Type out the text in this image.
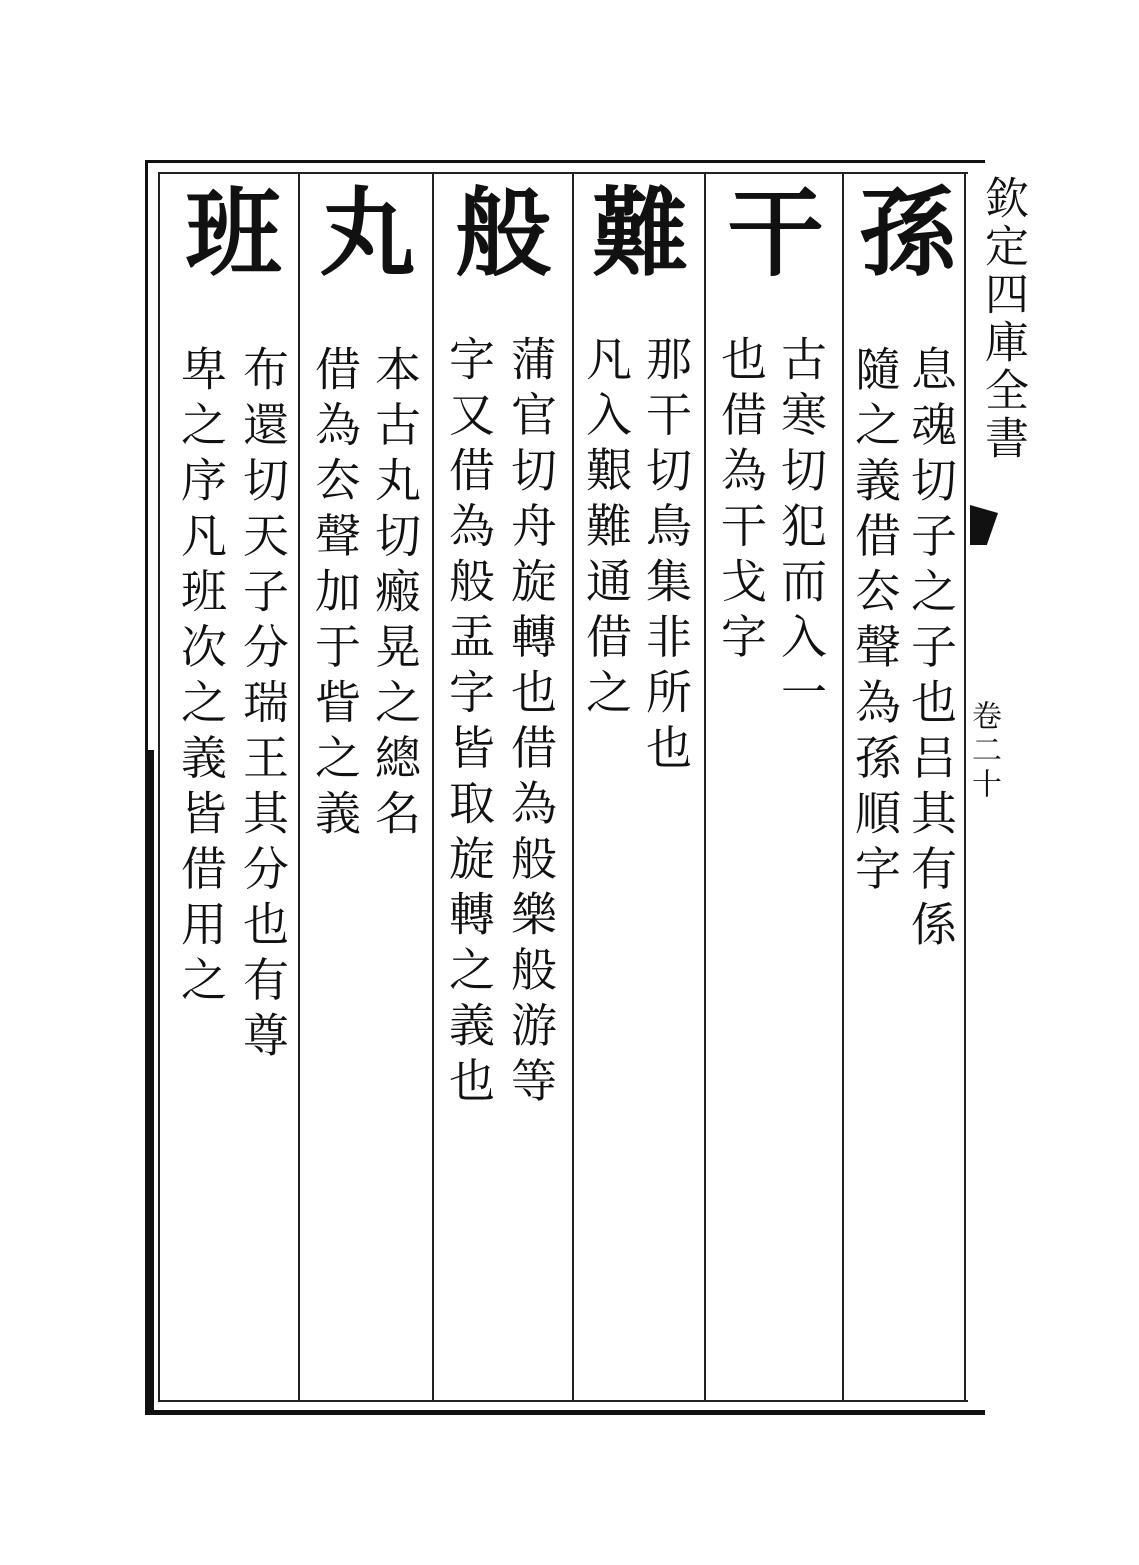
欽定四庫全書
卷二十
孫
息魂切子之子也吕其有係
隨之義借厺聲為孫順字
干
古寒切犯而入一
也借為干戈字
難
那干切鳥集非所也
凡入艱難通借之
般
蒲官切舟旋轉也借為般樂般游等
字又借為般盂字皆取旋轉之義也
丸
本古丸切瘢晃之總名
借為厺聲加于眥之義
班
布還切天子分瑞王其分也有尊
卑之序凡班次之義皆借用之
